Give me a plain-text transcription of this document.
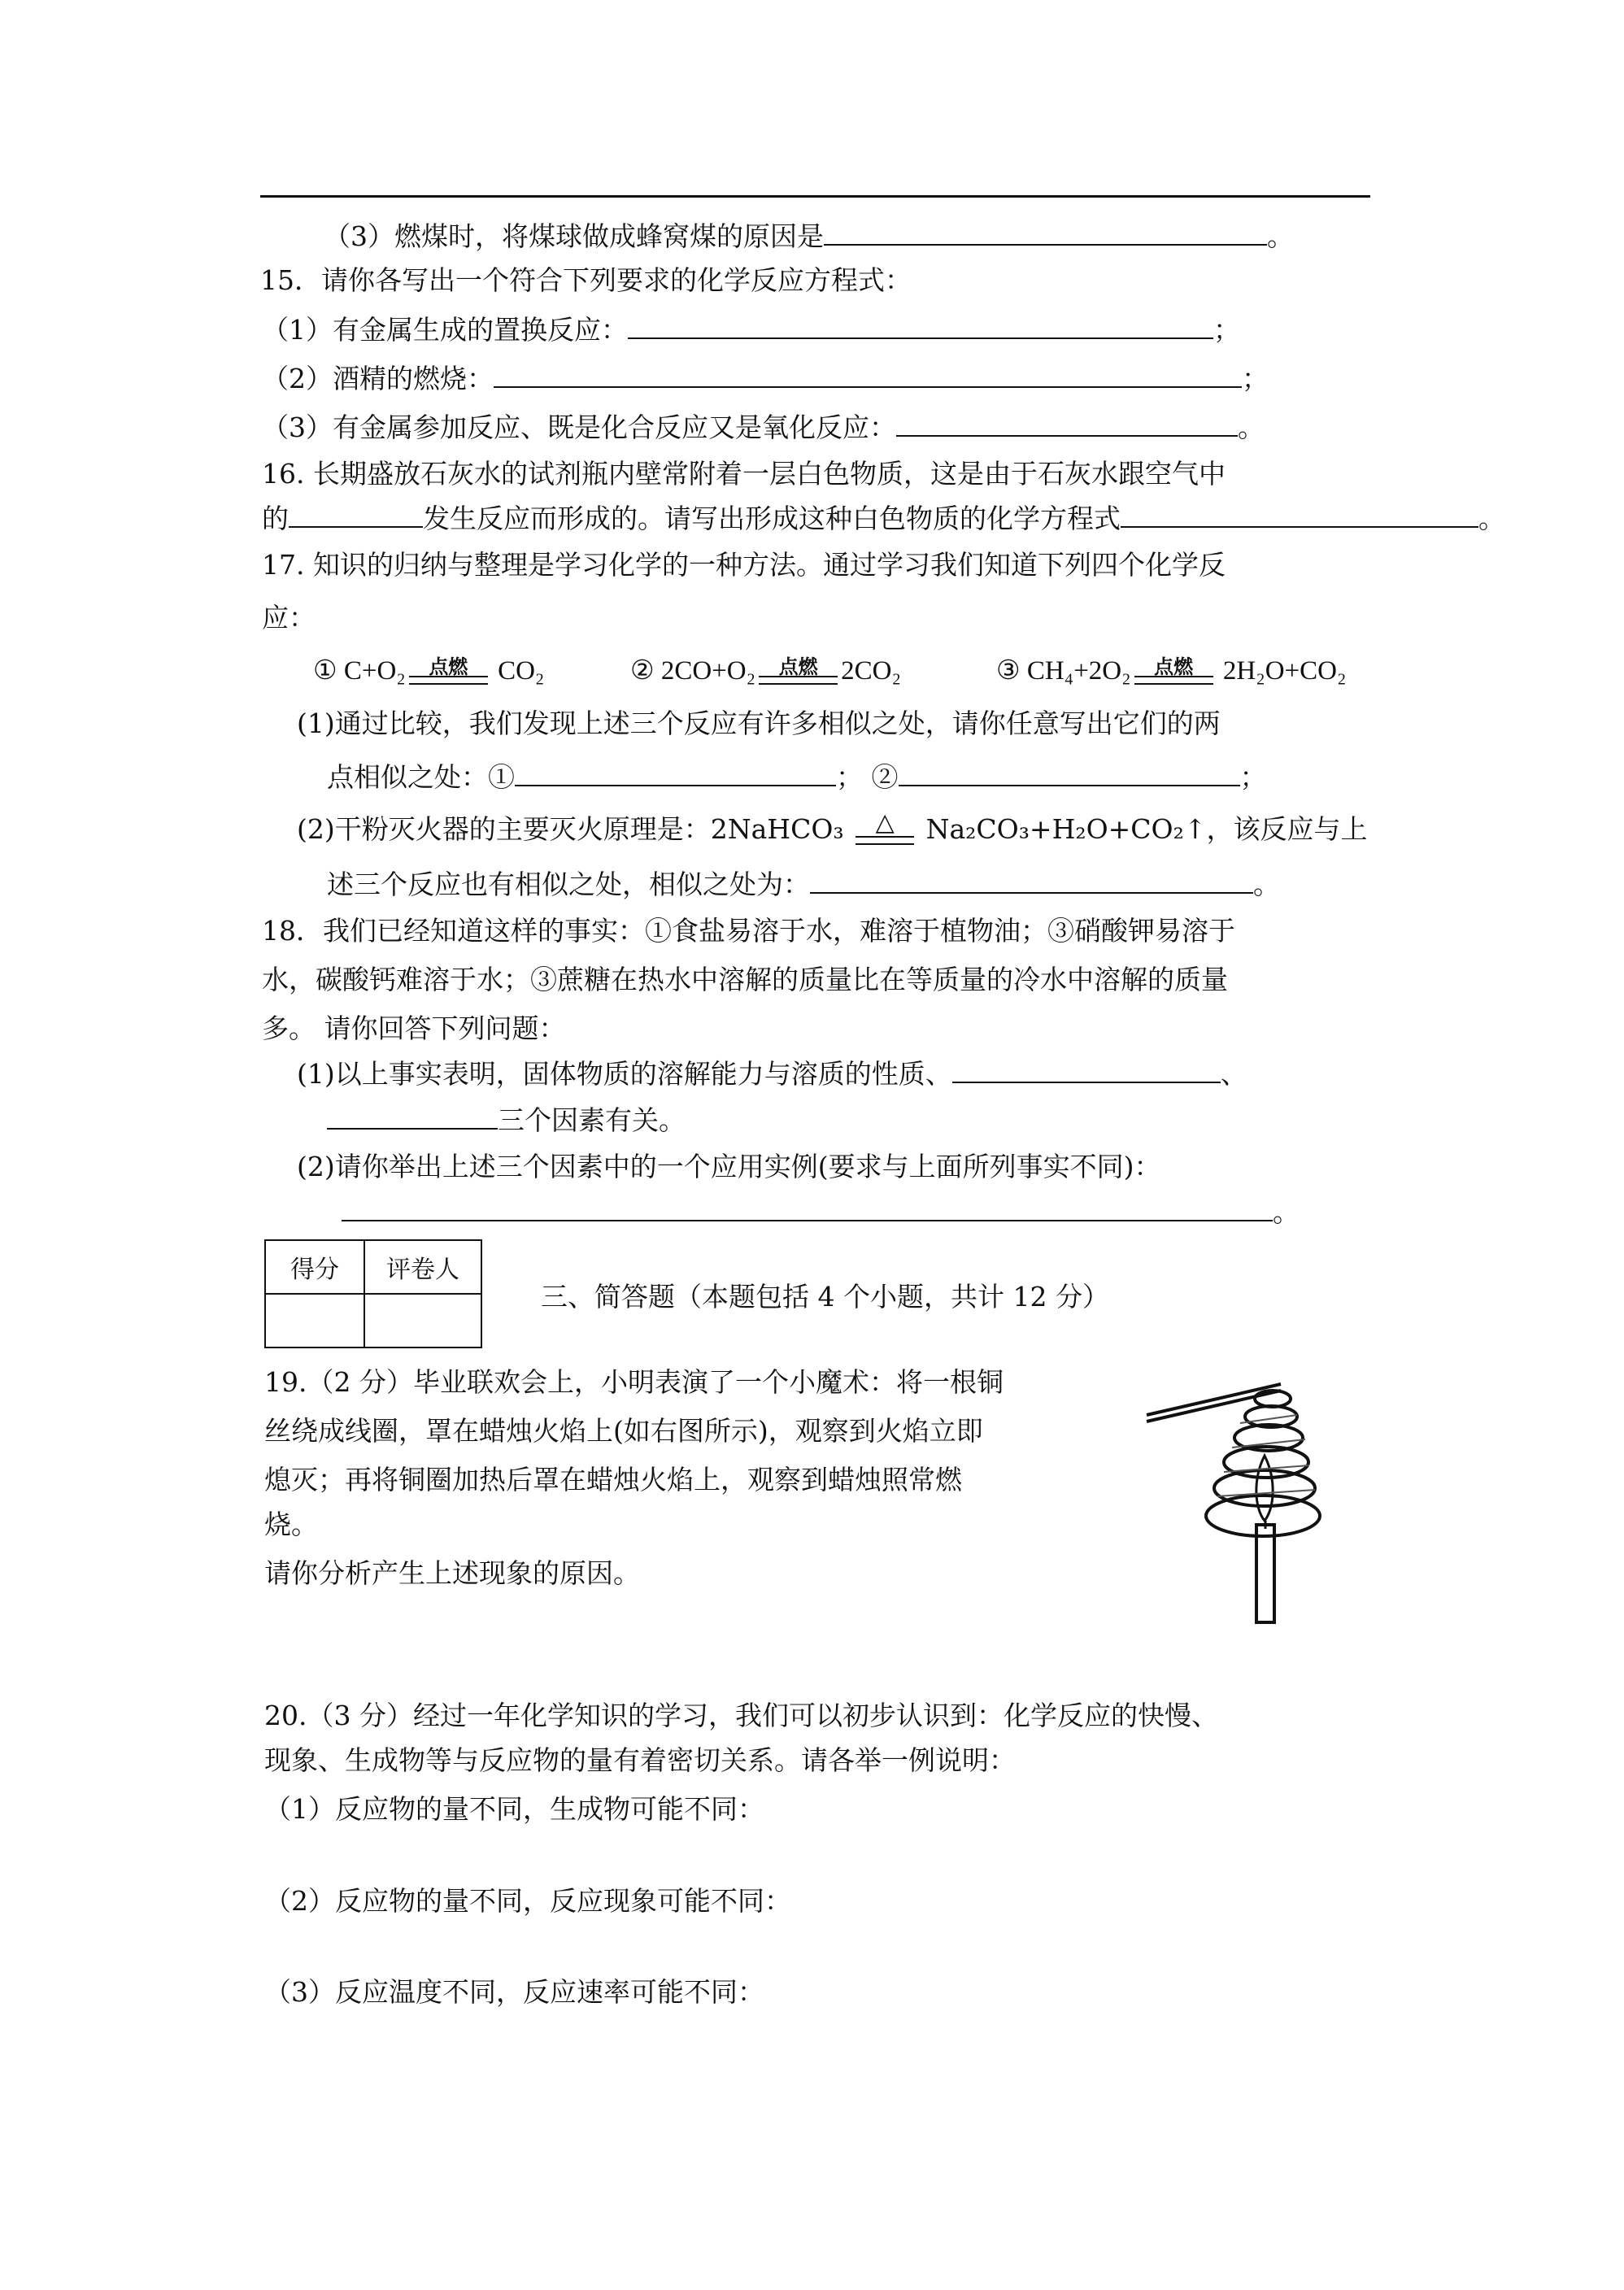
（3）燃煤时，将煤球做成蜂窝煤的原因是	。
15．请你各写出一个符合下列要求的化学反应方程式：
（1）有金属生成的置换反应：	；
（2）酒精的燃烧：	；
（3）有金属参加反应、既是化合反应又是氧化反应：	。
16. 长期盛放石灰水的试剂瓶内壁常附着一层白色物质，这是由于石灰水跟空气中
的	发生反应而形成的。请写出形成这种白色物质的化学方程式	。
17. 知识的归纳与整理是学习化学的一种方法。通过学习我们知道下列四个化学反
应：
① C+O₂	点燃	CO₂	② 2CO+O₂	点燃 2CO₂	③ CH₄+2O₂	点燃	2H₂O+CO₂
(1)通过比较，我们发现上述三个反应有许多相似之处，请你任意写出它们的两
点相似之处：①	； ②	；
(2)干粉灭火器的主要灭火原理是：2NaHCO₃	△	Na₂CO₃+H₂O+CO₂↑，该反应与上
述三个反应也有相似之处，相似之处为：	。
18．我们已经知道这样的事实：①食盐易溶于水，难溶于植物油；③硝酸钾易溶于
水，碳酸钙难溶于水；③蔗糖在热水中溶解的质量比在等质量的冷水中溶解的质量
多。 请你回答下列问题：
(1)以上事实表明，固体物质的溶解能力与溶质的性质、	、
三个因素有关。
(2)请你举出上述三个因素中的一个应用实例(要求与上面所列事实不同)：
。
得分	评卷人

三、简答题（本题包括 4 个小题，共计 12 分）
19.（2 分）毕业联欢会上，小明表演了一个小魔术：将一根铜
丝绕成线圈，罩在蜡烛火焰上(如右图所示)，观察到火焰立即
熄灭；再将铜圈加热后罩在蜡烛火焰上，观察到蜡烛照常燃
烧。
请你分析产生上述现象的原因。
20.（3 分）经过一年化学知识的学习，我们可以初步认识到：化学反应的快慢、
现象、生成物等与反应物的量有着密切关系。请各举一例说明：
（1）反应物的量不同，生成物可能不同：
（2）反应物的量不同，反应现象可能不同：
（3）反应温度不同，反应速率可能不同：
